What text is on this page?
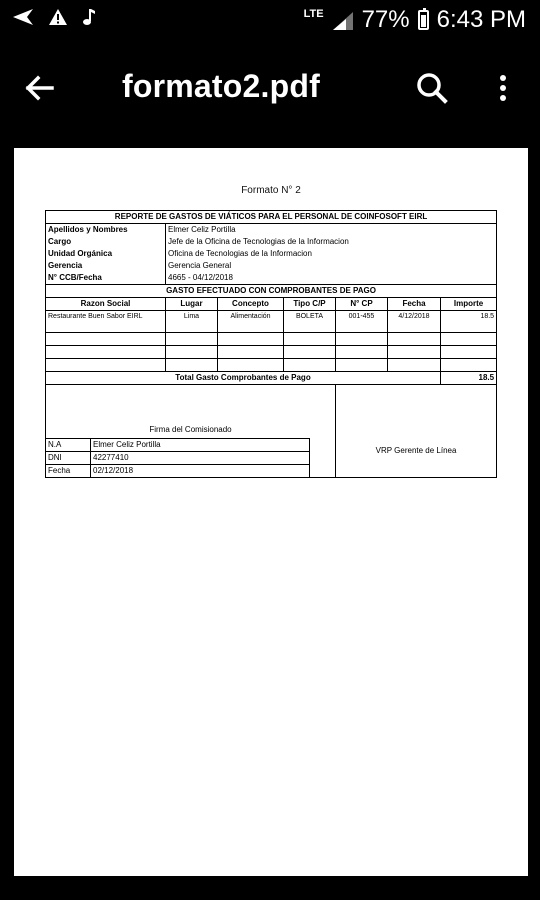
LTE 77% 6:43 PM
formato2.pdf
Formato N° 2
REPORTE DE GASTOS DE VIÁTICOS PARA EL PERSONAL DE COINFOSOFT EIRL
Apellidos y Nombres	Elmer Celiz Portilla
Cargo	Jefe de la Oficina de Tecnologias de la Informacion
Unidad Orgánica	Oficina de Tecnologias de la Informacion
Gerencia	Gerencia General
N° CCB/Fecha	4665 - 04/12/2018
GASTO EFECTUADO CON COMPROBANTES DE PAGO
Razon Social	Lugar	Concepto	Tipo C/P	N° CP	Fecha	Importe
Restaurante Buen Sabor EIRL	Lima	Alimentación	BOLETA	001-455	4/12/2018	18.5

Total Gasto Comprobantes de Pago	18.5

Firma del Comisionado
N.A	Elmer Celiz Portilla	
DNI	42277410	
Fecha	02/12/2018	
	VRP Gerente de Línea
